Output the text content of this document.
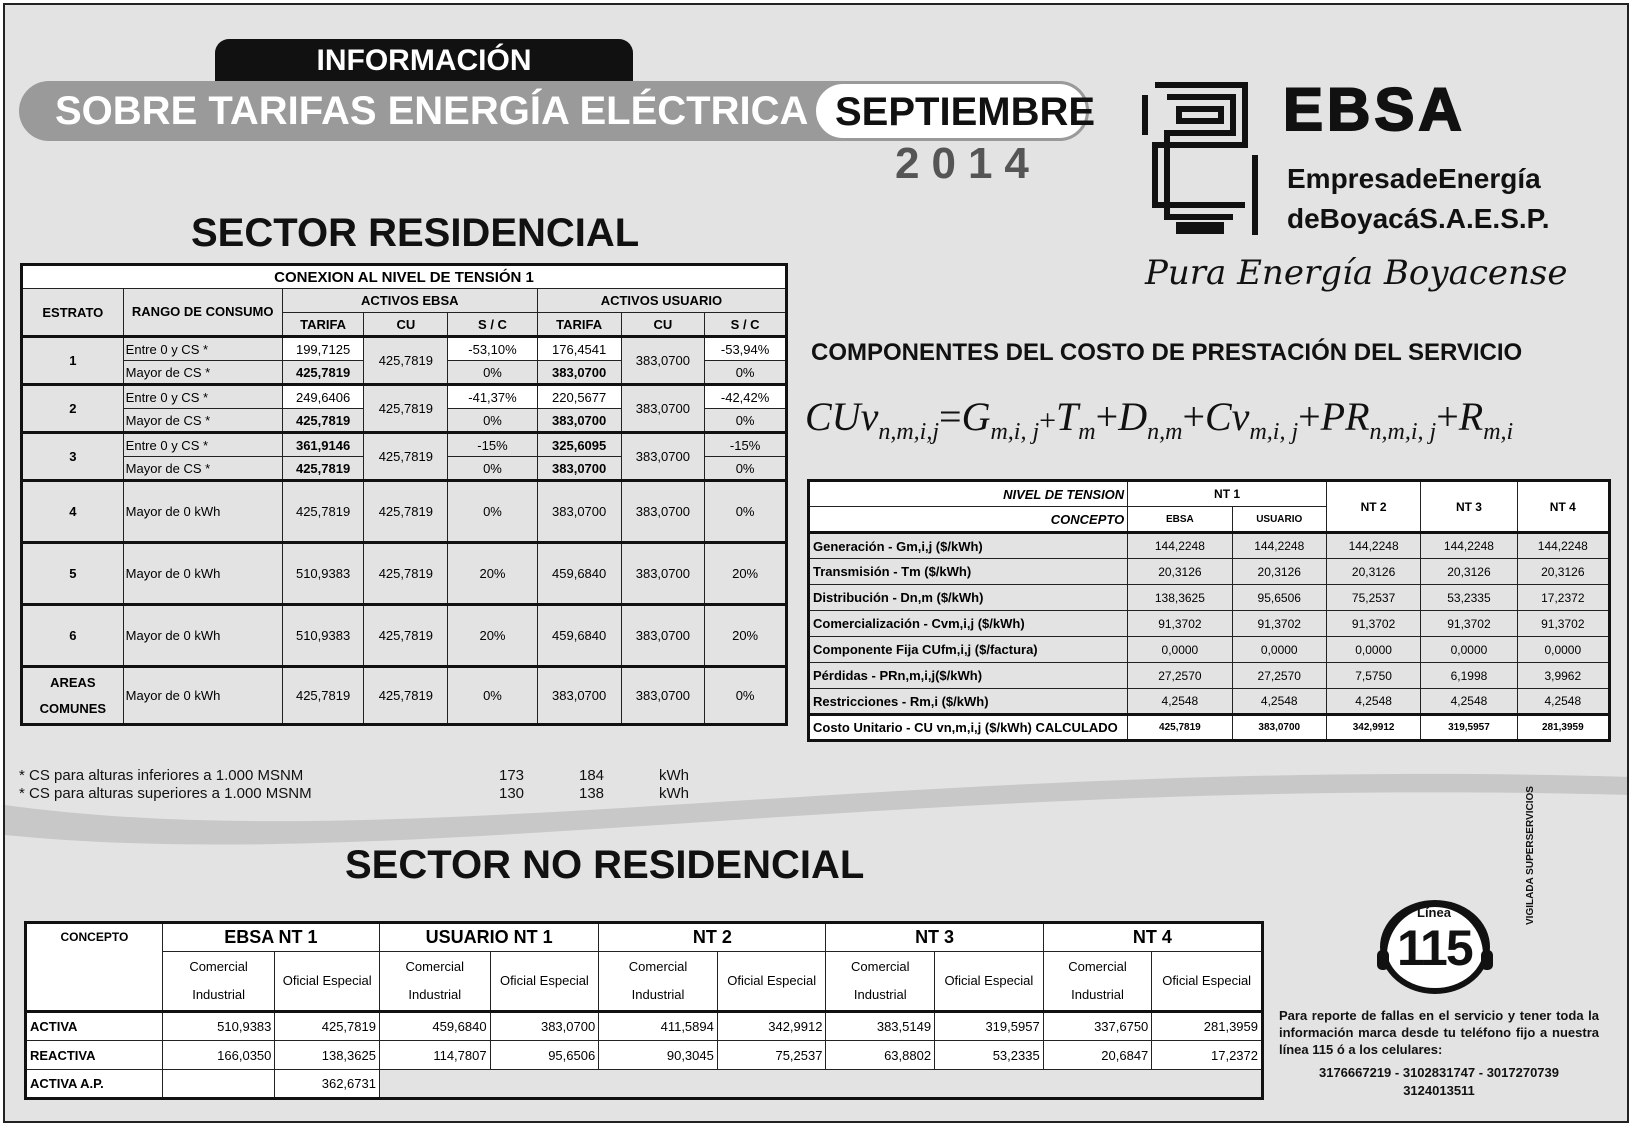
INFORMACIÓN
SOBRE TARIFAS ENERGÍA ELÉCTRICA SEPTIEMBRE
2014
EBSA
EmpresadeEnergía
deBoyacáS.A.E.S.P.
Pura Energía Boyacense
SECTOR RESIDENCIAL
CONEXION AL NIVEL DE TENSIÓN 1							
ESTRATO	RANGO DE CONSUMO	ACTIVOS EBSA			ACTIVOS USUARIO		
		TARIFA	CU	S / C	TARIFA	CU	S / C
1	Entre 0 y CS *	199,7125	425,7819	-53,10%	176,4541	383,0700	-53,94%
	Mayor de CS *	425,7819		0%	383,0700		0%
2	Entre 0 y CS *	249,6406	425,7819	-41,37%	220,5677	383,0700	-42,42%
	Mayor de CS *	425,7819		0%	383,0700		0%
3	Entre 0 y CS *	361,9146	425,7819	-15%	325,6095	383,0700	-15%
	Mayor de CS *	425,7819		0%	383,0700		0%
4	Mayor de 0 kWh	425,7819	425,7819	0%	383,0700	383,0700	0%
5	Mayor de 0 kWh	510,9383	425,7819	20%	459,6840	383,0700	20%
6	Mayor de 0 kWh	510,9383	425,7819	20%	459,6840	383,0700	20%
AREAS COMUNES	Mayor de 0 kWh	425,7819	425,7819	0%	383,0700	383,0700	0%
* CS para alturas inferiores a 1.000 MSNM	173	184	kWh
* CS para alturas superiores a 1.000 MSNM	130	138	kWh
COMPONENTES DEL COSTO DE PRESTACIÓN DEL SERVICIO
$CUv_{n,m,i,j}=G_{m,i, j}+T_m+D_{n,m}+Cv_{m,i, j}+PR_{n,m,i, j}+R_{m,i}$
NIVEL DE TENSION	NT 1		NT 2	NT 3	NT 4
CONCEPTO	EBSA	USUARIO			
Generación - Gm,i,j ($/kWh)	144,2248	144,2248	144,2248	144,2248	144,2248
Transmisión - Tm ($/kWh)	20,3126	20,3126	20,3126	20,3126	20,3126
Distribución - Dn,m ($/kWh)	138,3625	95,6506	75,2537	53,2335	17,2372
Comercialización - Cvm,i,j ($/kWh)	91,3702	91,3702	91,3702	91,3702	91,3702
Componente Fija CUfm,i,j ($/factura)	0,0000	0,0000	0,0000	0,0000	0,0000
Pérdidas - PRn,m,i,j($/kWh)	27,2570	27,2570	7,5750	6,1998	3,9962
Restricciones - Rm,i ($/kWh)	4,2548	4,2548	4,2548	4,2548	4,2548
Costo Unitario - CU vn,m,i,j ($/kWh) CALCULADO	425,7819	383,0700	342,9912	319,5957	281,3959
SECTOR NO RESIDENCIAL
CONCEPTO	EBSA NT 1		USUARIO NT 1		NT 2		NT 3		NT 4	
	Comercial Industrial	Oficial Especial	Comercial Industrial	Oficial Especial	Comercial Industrial	Oficial Especial	Comercial Industrial	Oficial Especial	Comercial Industrial	Oficial Especial
ACTIVA	510,9383	425,7819	459,6840	383,0700	411,5894	342,9912	383,5149	319,5957	337,6750	281,3959
REACTIVA	166,0350	138,3625	114,7807	95,6506	90,3045	75,2537	63,8802	53,2335	20,6847	17,2372
ACTIVA A.P.		362,6731								
Línea
115
Para reporte de fallas en el servicio y tener toda la información marca desde tu teléfono fijo a nuestra línea 115 ó a los celulares:
3176667219 - 3102831747 - 3017270739
3124013511
VIGILADA SUPERSERVICIOS
